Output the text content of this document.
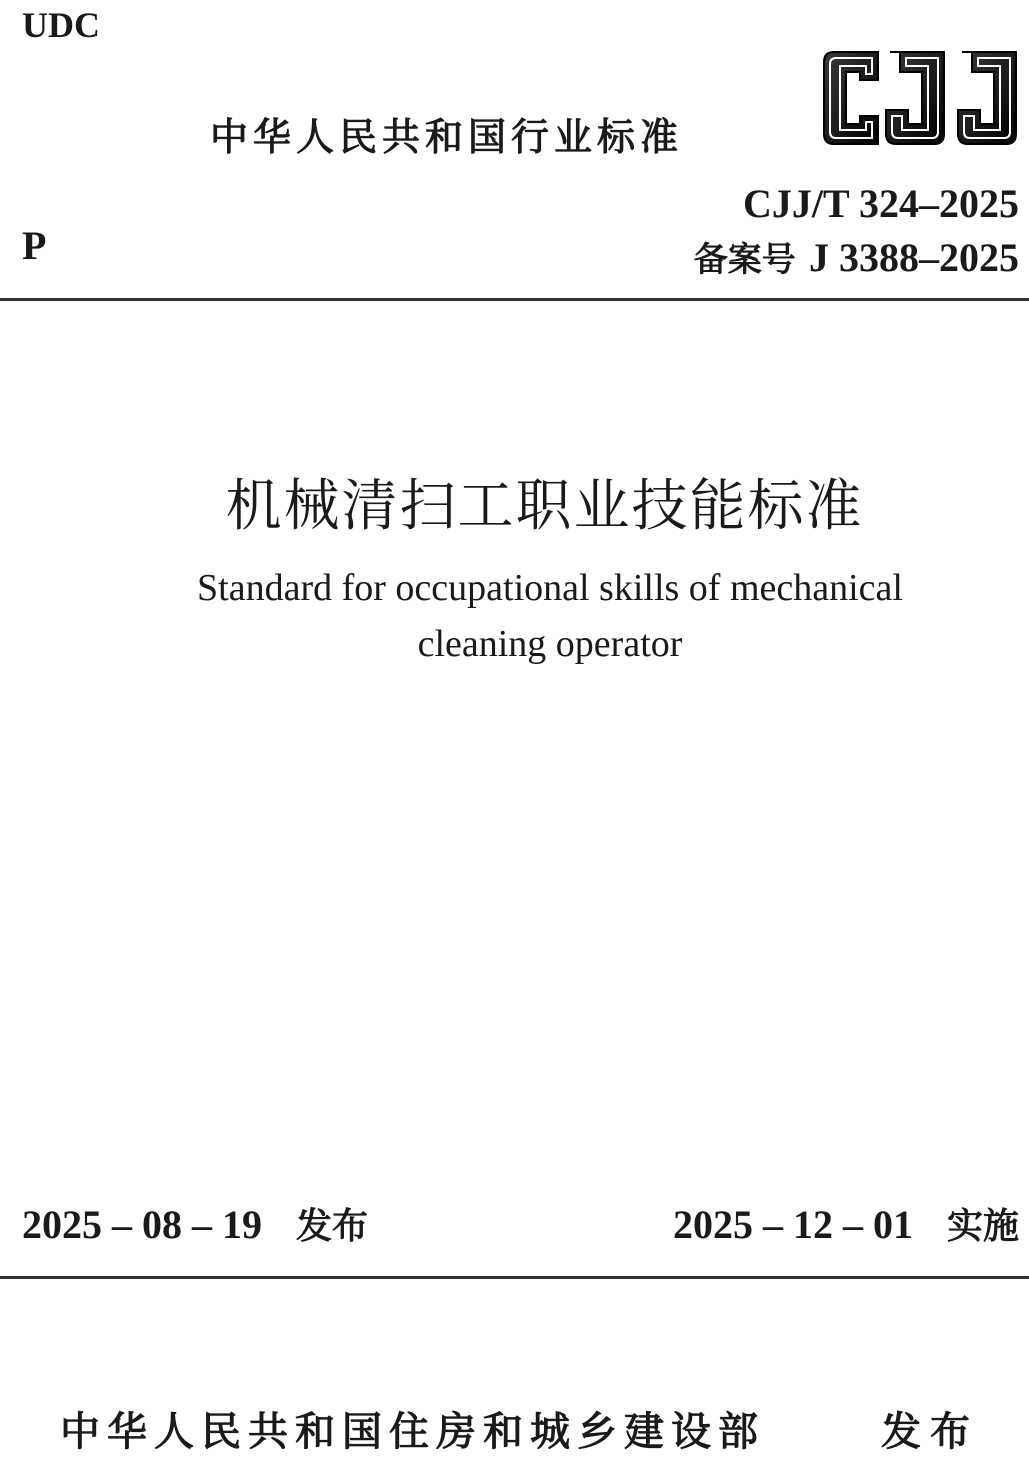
UDC
中华人民共和国行业标准
P
CJJ/T 324–2025
备案号 J 3388–2025
机械清扫工职业技能标准
Standard for occupational skills of mechanical
cleaning operator
2025 – 08 – 19 发布	2025 – 12 – 01 实施
中华人民共和国住房和城乡建设部	发布
